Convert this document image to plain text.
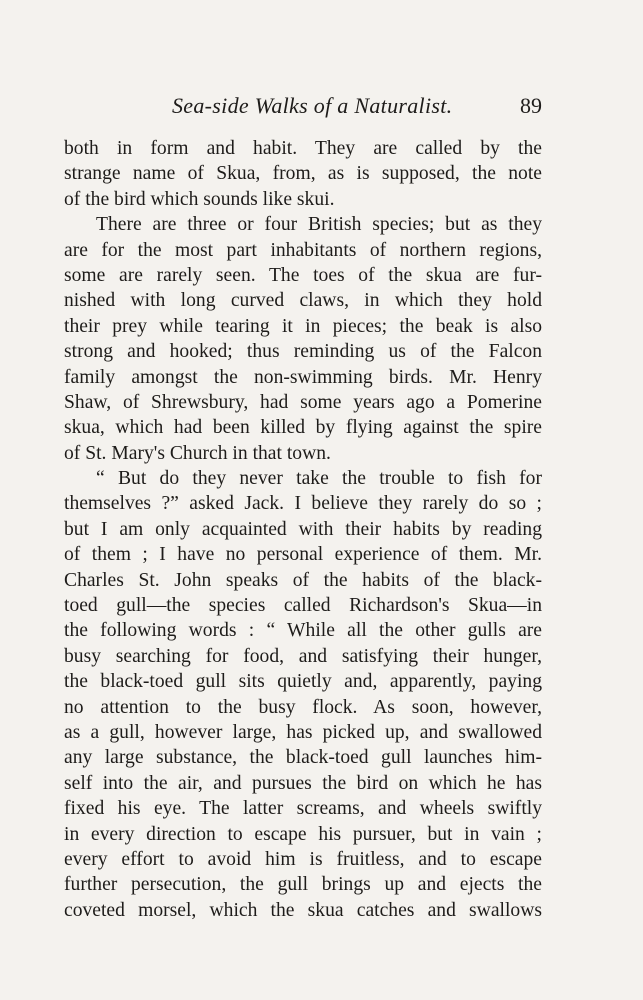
Sea-side Walks of a Naturalist.	89
both in form and habit. They are called by the
strange name of Skua, from, as is supposed, the note
of the bird which sounds like skui.
There are three or four British species; but as they
are for the most part inhabitants of northern regions,
some are rarely seen. The toes of the skua are fur-
nished with long curved claws, in which they hold
their prey while tearing it in pieces; the beak is also
strong and hooked; thus reminding us of the Falcon
family amongst the non-swimming birds. Mr. Henry
Shaw, of Shrewsbury, had some years ago a Pomerine
skua, which had been killed by flying against the spire
of St. Mary's Church in that town.
“ But do they never take the trouble to fish for
themselves ?” asked Jack. I believe they rarely do so ;
but I am only acquainted with their habits by reading
of them ; I have no personal experience of them. Mr.
Charles St. John speaks of the habits of the black-
toed gull—the species called Richardson's Skua—in
the following words : “ While all the other gulls are
busy searching for food, and satisfying their hunger,
the black-toed gull sits quietly and, apparently, paying
no attention to the busy flock. As soon, however,
as a gull, however large, has picked up, and swallowed
any large substance, the black-toed gull launches him-
self into the air, and pursues the bird on which he has
fixed his eye. The latter screams, and wheels swiftly
in every direction to escape his pursuer, but in vain ;
every effort to avoid him is fruitless, and to escape
further persecution, the gull brings up and ejects the
coveted morsel, which the skua catches and swallows
